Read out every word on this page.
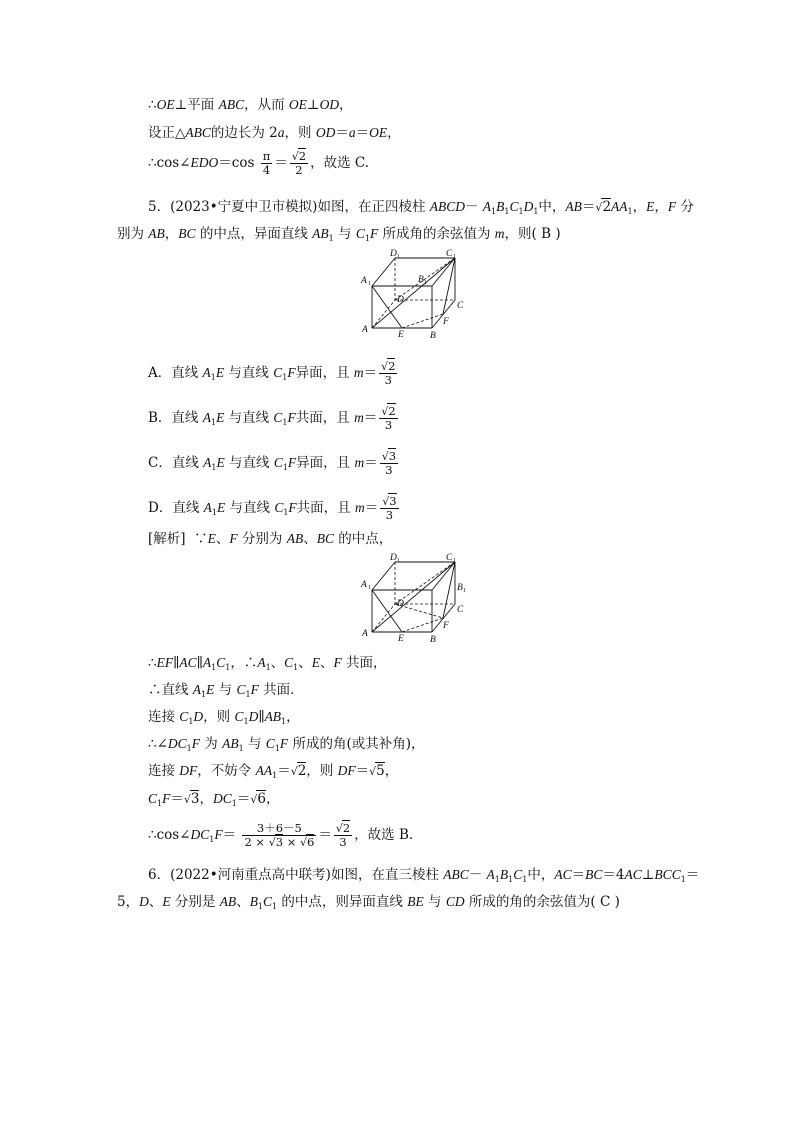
∴OE⊥平面 ABC，从而 OE⊥OD，
设正△ABC的边长为 2a，则 OD＝a＝OE，
∴cos∠EDO＝cos $\frac{\pi}{4} = \frac{√2}{2}$ ，故选 C.
5．(2023•宁夏中卫市模拟)如图，在正四棱柱 ABCD－ $A_1B_1C_1D_1$中，$AB=√2AA_1$，E，F 分
别为 AB，BC 的中点，异面直线 $AB_1$ 与 $C_1F$ 所成角的余弦值为 m，则( B )
A	E	B
F
C
D
A 1
D 1
B 1
C 1
A．直线 $A_1E$ 与直线 $C_1F$异面，且 $m= \frac{√2}{3}$
B．直线 $A_1E$ 与直线 $C_1F$共面，且 $m= \frac{√2}{3}$
C．直线 $A_1E$ 与直线 $C_1F$异面，且 $m= \frac{√3}{3}$
D．直线 $A_1E$ 与直线 $C_1F$共面，且 $m= \frac{√3}{3}$
[解析] ∵E、F 分别为 AB、BC 的中点，
A	E	B
F
C
D
A 1
D 1
B 1
C 1
$\therefore EF\parallel AC\parallel A_1C_1$，$\therefore A_1$、$C_1$、E、F 共面，
∴直线 $A_1E$ 与 $C_1F$ 共面．
连接 $C_1D$，则 $C_1D\parallel AB_1$，
$\therefore\angle DC_1F$ 为 $AB_1$ 与 $C_1F$ 所成的角(或其补角)，
连接 DF，不妨令 $AA_1=√2$，则 DF＝√5，
$C_1F=√3$，$DC_1=√6$，
$\therefore\cos\angle DC_1F= \frac{3+6-5}{2 \times √3 \times √6} = \frac{√2}{3}$ ，故选 B.
6．(2022•河南重点高中联考)如图，在直三棱柱 $ABC- A_1B_1C_1$中，$AC=BC=4AC\perp BCC_1=$
5，D、E 分别是 AB、$B_1C_1$ 的中点，则异面直线 BE 与 CD 所成的角的余弦值为( C )
